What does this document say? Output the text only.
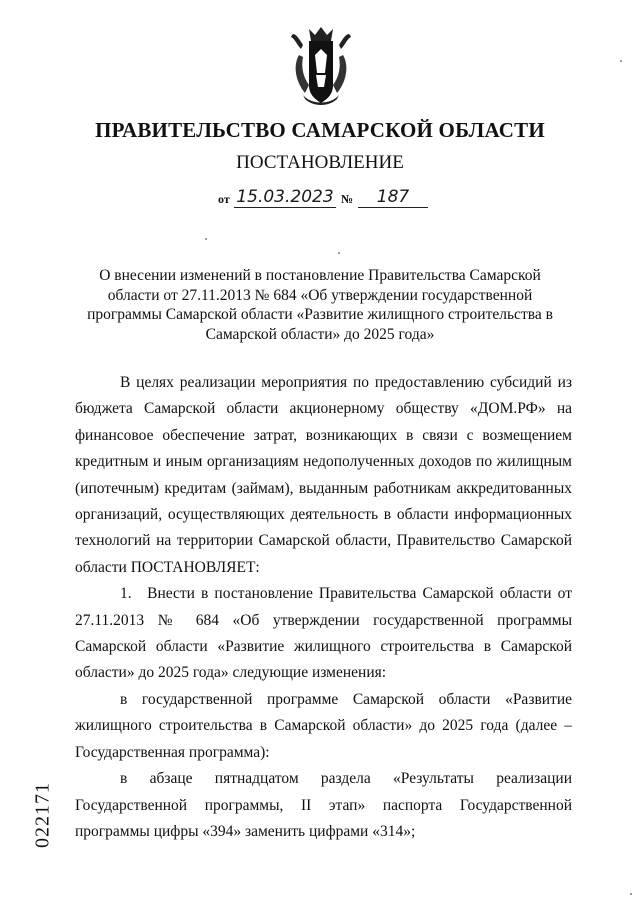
ПРАВИТЕЛЬСТВО САМАРСКОЙ ОБЛАСТИ
ПОСТАНОВЛЕНИЕ
от 15.03.2023 №	187
О внесении изменений в постановление Правительства Самарской области от 27.11.2013 № 684 «Об утверждении государственной программы Самарской области «Развитие жилищного строительства в Самарской области» до 2025 года»

В целях реализации мероприятия по предоставлению субсидий из бюджета Самарской области акционерному обществу «ДОМ.РФ» на финансовое обеспечение затрат, возникающих в связи с возмещением кредитным и иным организациям недополученных доходов по жилищным (ипотечным) кредитам (займам), выданным работникам аккредитованных организаций, осуществляющих деятельность в области информационных технологий на территории Самарской области, Правительство Самарской области ПОСТАНОВЛЯЕТ:

1. Внести в постановление Правительства Самарской области от 27.11.2013 № 684 «Об утверждении государственной программы Самарской области «Развитие жилищного строительства в Самарской области» до 2025 года» следующие изменения:

в государственной программе Самарской области «Развитие жилищного строительства в Самарской области» до 2025 года (далее – Государственная программа):

в абзаце пятнадцатом раздела «Результаты реализации Государственной программы, II этап» паспорта Государственной программы цифры «394» заменить цифрами «314»;

022171
